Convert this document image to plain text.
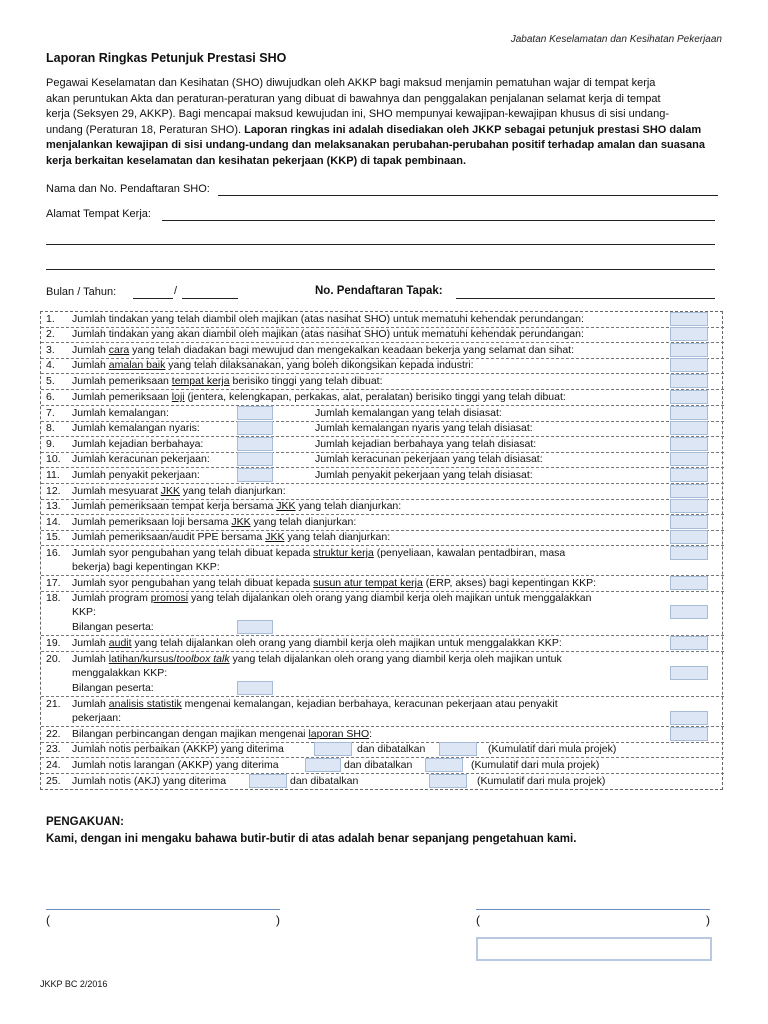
Jabatan Keselamatan dan Kesihatan Pekerjaan
Laporan Ringkas Petunjuk Prestasi SHO
Pegawai Keselamatan dan Kesihatan (SHO) diwujudkan oleh AKKP bagi maksud menjamin pematuhan wajar di tempat kerja
akan peruntukan Akta dan peraturan-peraturan yang dibuat di bawahnya dan penggalakan penjalanan selamat kerja di tempat
kerja (Seksyen 29, AKKP). Bagi mencapai maksud kewujudan ini, SHO mempunyai kewajipan-kewajipan khusus di sisi undang-
undang (Peraturan 18, Peraturan SHO). Laporan ringkas ini adalah disediakan oleh JKKP sebagai petunjuk prestasi SHO dalam
menjalankan kewajipan di sisi undang-undang dan melaksanakan perubahan-perubahan positif terhadap amalan dan suasana
kerja berkaitan keselamatan dan kesihatan pekerjaan (KKP) di tapak pembinaan.
Nama dan No. Pendaftaran SHO:
Alamat Tempat Kerja:
Bulan / Tahun:	/	No. Pendaftaran Tapak:
1. Jumlah tindakan yang telah diambil oleh majikan (atas nasihat SHO) untuk mematuhi kehendak perundangan:
2. Jumlah tindakan yang akan diambil oleh majikan (atas nasihat SHO) untuk mematuhi kehendak perundangan:
3. Jumlah cara yang telah diadakan bagi mewujud dan mengekalkan keadaan bekerja yang selamat dan sihat:
4. Jumlah amalan baik yang telah dilaksanakan, yang boleh dikongsikan kepada industri:
5. Jumlah pemeriksaan tempat kerja berisiko tinggi yang telah dibuat:
6. Jumlah pemeriksaan loji (jentera, kelengkapan, perkakas, alat, peralatan) berisiko tinggi yang telah dibuat:
7. Jumlah kemalangan:	Jumlah kemalangan yang telah disiasat:
8. Jumlah kemalangan nyaris:	Jumlah kemalangan nyaris yang telah disiasat:
9. Jumlah kejadian berbahaya:	Jumlah kejadian berbahaya yang telah disiasat:
10. Jumlah keracunan pekerjaan:	Jumlah keracunan pekerjaan yang telah disiasat:
11. Jumlah penyakit pekerjaan:	Jumlah penyakit pekerjaan yang telah disiasat:
12. Jumlah mesyuarat JKK yang telah dianjurkan:
13. Jumlah pemeriksaan tempat kerja bersama JKK yang telah dianjurkan:
14. Jumlah pemeriksaan loji bersama JKK yang telah dianjurkan:
15. Jumlah pemeriksaan/audit PPE bersama JKK yang telah dianjurkan:
16. Jumlah syor pengubahan yang telah dibuat kepada struktur kerja (penyeliaan, kawalan pentadbiran, masa
bekerja) bagi kepentingan KKP:
17. Jumlah syor pengubahan yang telah dibuat kepada susun atur tempat kerja (ERP, akses) bagi kepentingan KKP:
18. Jumlah program promosi yang telah dijalankan oleh orang yang diambil kerja oleh majikan untuk menggalakkan
KKP:
Bilangan peserta:
19. Jumlah audit yang telah dijalankan oleh orang yang diambil kerja oleh majikan untuk menggalakkan KKP:
20. Jumlah latihan/kursus/toolbox talk yang telah dijalankan oleh orang yang diambil kerja oleh majikan untuk
menggalakkan KKP:
Bilangan peserta:
21. Jumlah analisis statistik mengenai kemalangan, kejadian berbahaya, keracunan pekerjaan atau penyakit
pekerjaan:
22. Bilangan perbincangan dengan majikan mengenai laporan SHO:
23. Jumlah notis perbaikan (AKKP) yang diterima	dan dibatalkan	(Kumulatif dari mula projek)
24. Jumlah notis larangan (AKKP) yang diterima	dan dibatalkan	(Kumulatif dari mula projek)
25. Jumlah notis (AKJ) yang diterima	dan dibatalkan	(Kumulatif dari mula projek)
PENGAKUAN:
Kami, dengan ini mengaku bahawa butir-butir di atas adalah benar sepanjang pengetahuan kami.
(	)	(	)
JKKP BC 2/2016
